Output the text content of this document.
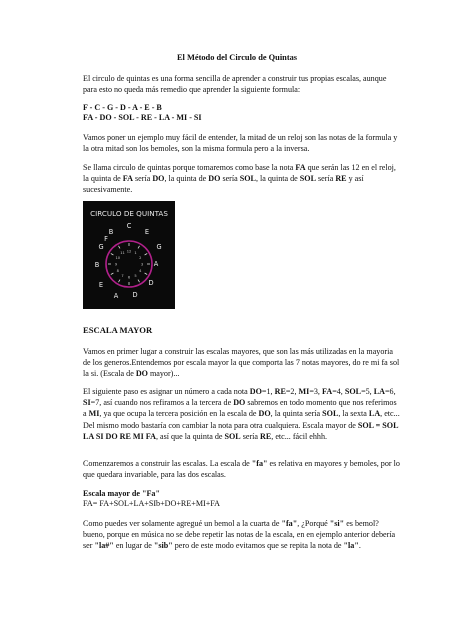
El Método del Circulo de Quintas

El circulo de quintas es una forma sencilla de aprender a construir tus propias escalas, aunque para esto no queda más remedio que aprender la siguiente formula:

F - C - G - D - A - E - B

FA - DO - SOL - RE - LA - MI - SI

Vamos poner un ejemplo muy fácil de entender, la mitad de un reloj son las notas de la formula y la otra mitad son los bemoles, son la misma formula pero a la inversa.

Se llama circulo de quintas porque tomaremos como base la nota FA que serán las 12 en el reloj, la quinta de FA sería DO, la quinta de DO sería SOL, la quinta de SOL sería RE y así sucesivamente.

CIRCULO DE QUINTAS
12 1
2
3
4
5
6
7
8
9
10
11
B
C
E
G
A
D
D
A
E
B
G
F

ESCALA MAYOR

Vamos en primer lugar a construir las escalas mayores, que son las más utilizadas en la mayoria de los generos.Entendemos por escala mayor la que comporta las 7 notas mayores, do re mi fa sol la si. (Escala de DO mayor)...

El siguiente paso es asignar un número a cada nota DO=1, RE=2, MI=3, FA=4, SOL=5, LA=6, SI=7, así cuando nos refiramos a la tercera de DO sabremos en todo momento que nos referimos a MI, ya que ocupa la tercera posición en la escala de DO, la quinta sería SOL, la sexta LA, etc... Del mismo modo bastaría con cambiar la nota para otra cualquiera. Escala mayor de SOL = SOL LA SI DO RE MI FA, así que la quinta de SOL sería RE, etc... fácil ehhh.

Comenzaremos a construir las escalas. La escala de "fa" es relativa en mayores y bemoles, por lo que quedara invariable, para las dos escalas.

Escala mayor de "Fa"

FA= FA+SOL+LA+SIb+DO+RE+MI+FA

Como puedes ver solamente agregué un bemol a la cuarta de "fa", ¿Porqué "si" es bemol? bueno, porque en música no se debe repetir las notas de la escala, en en ejemplo anterior debería ser "la#" en lugar de "sib" pero de este modo evitamos que se repita la nota de "la".
